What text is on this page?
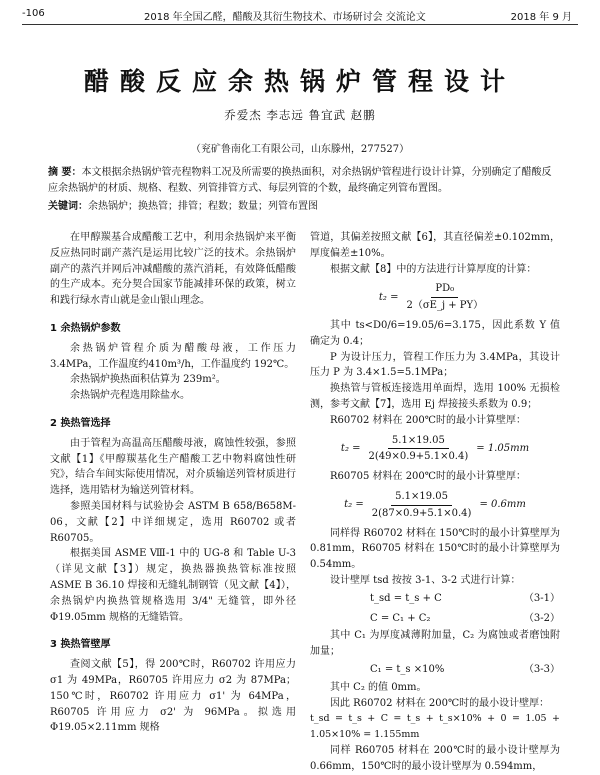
-106	2018 年全国乙醛，醋酸及其衍生物技术、市场研讨会 交流论文	2018 年 9 月
醋酸反应余热锅炉管程设计
乔爱杰 李志远 鲁宜武 赵鹏
（兖矿鲁南化工有限公司，山东滕州，277527）

摘 要：本文根据余热锅炉管壳程物料工况及所需要的换热面积，对余热锅炉管程进行设计计算，分别确定了醋酸反应余热锅炉的材质、规格、程数、列管排管方式、每层列管的个数，最终确定列管布置图。

关键词：余热锅炉；换热管；排管；程数；数量；列管布置图

在甲醇羰基合成醋酸工艺中，利用余热锅炉来平衡反应热同时副产蒸汽是运用比较广泛的技术。余热锅炉副产的蒸汽并网后冲减醋酸的蒸汽消耗，有效降低醋酸的生产成本。充分契合国家节能减排环保的政策，树立和践行绿水青山就是金山银山理念。

1 余热锅炉参数

余热锅炉管程介质为醋酸母液，工作压力3.4MPa，工作温度约410m³/h，工作温度约 192℃。

余热锅炉换热面积估算为 239m²。

余热锅炉壳程选用除盐水。

2 换热管选择

由于管程为高温高压醋酸母液，腐蚀性较强，参照文献【1】《甲醇羰基化生产醋酸工艺中物料腐蚀性研究》，结合车间实际使用情况，对介质输送列管材质进行选择，选用锆材为输送列管材料。

参照美国材料与试验协会 ASTM B 658/B658M-06，文献【2】中详细规定，选用 R60702 或者 R60705。

根据美国 ASME Ⅷ-1 中的 UG-8 和 Table U-3（详见文献【3】）规定，换热器换热管标准按照 ASME B 36.10 焊接和无缝轧制钢管（见文献【4】），余热锅炉内换热管规格选用 3/4" 无缝管，即外径 Φ19.05mm 规格的无缝锆管。

3 换热管壁厚

查阅文献【5】，得 200℃时，R60702 许用应力 σ1 为 49MPa，R60705 许用应力 σ2 为 87MPa；150℃时，R60702 许用应力 σ1' 为 64MPa，R60705 许用应力 σ2' 为 96MPa。拟选用 Φ19.05×2.11mm 规格

管道，其偏差按照文献【6】，其直径偏差±0.102mm，厚度偏差±10%。

根据文献【8】中的方法进行计算厚度的计算：

$t_2 = \frac{\text{PD₀}}{2(\sigma E\_j + PY)}$

其中 ts<D0/6=19.05/6=3.175，因此系数 Y 值确定为 0.4；

P 为设计压力，管程工作压力为 3.4MPa，其设计压力 P 为 3.4×1.5=5.1MPa；

换热管与管板连接选用单面焊，选用 100% 无损检测，参考文献【7】，选用 Ej 焊接接头系数为 0.9；

R60702 材料在 200℃时的最小计算壁厚：

$t_2 = \frac{5.1\times 19.05}{2(49\times 0.9+5.1\times 0.4)} = 1.05mm$

R60705 材料在 200℃时的最小计算壁厚：

$t_2 = \frac{5.1\times 19.05}{2(87\times 0.9+5.1\times 0.4)} = 0.6mm$

同样得 R60702 材料在 150℃时的最小计算壁厚为 0.81mm，R60705 材料在 150℃时的最小计算壁厚为 0.54mm。

设计壁厚 tsd 按按 3-1、3-2 式进行计算：

t_sd = t_s + C	（3-1）
C = C₁ + C₂	（3-2）

其中 C₁ 为厚度减薄附加量，C₂ 为腐蚀或者磨蚀附加量；

C₁ = t_s ×10%	（3-3）

其中 C₂ 的值 0mm。

因此 R60702 材料在 200℃时的最小设计壁厚：

t_sd = t_s + C = t_s + t_s×10% + 0 = 1.05 + 1.05×10% = 1.155mm

同样 R60705 材料在 200℃时的最小设计壁厚为 0.66mm，150℃时的最小设计壁厚为 0.594mm，
